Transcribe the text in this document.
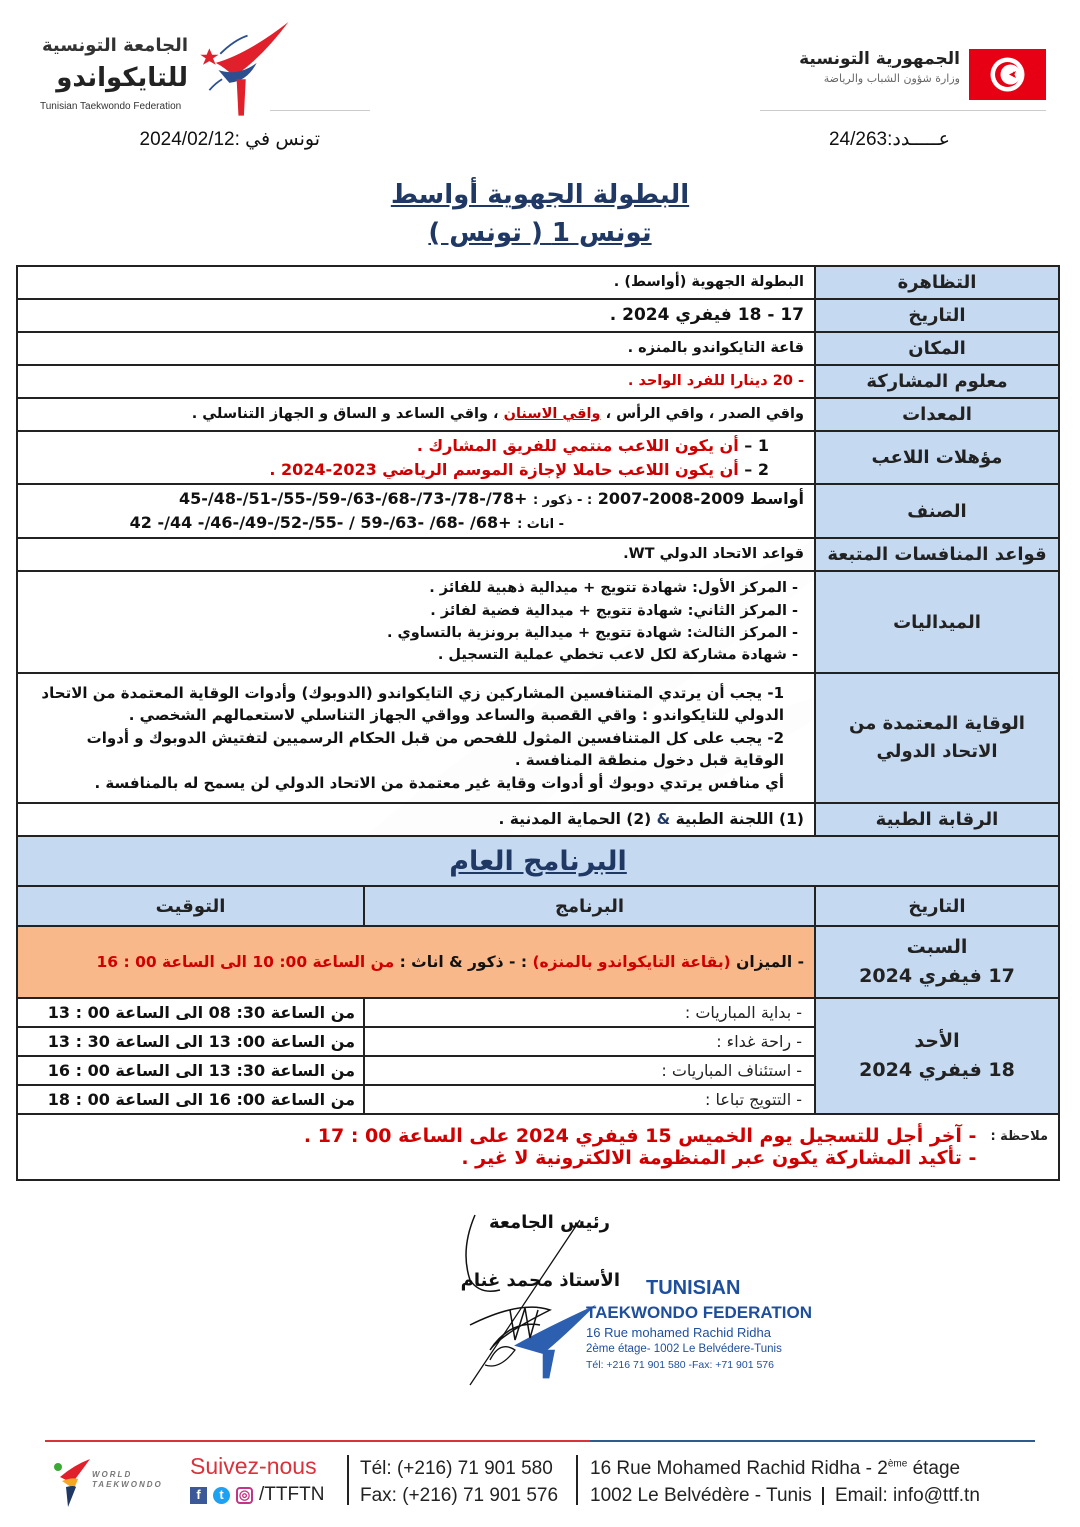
الجامعة التونسية
للتايكواندو
Tunisian Taekwondo Federation
الجمهورية التونسية
وزارة شؤون الشباب والرياضة
عـــــدد:24/263
تونس في :2024/02/12
البطولة الجهوية أواسط
تونس 1 ( تونس )
التظاهرة	البطولة الجهوية (أواسط) .
التاريخ	17 - 18 فيفري 2024 .
المكان	قاعة التايكواندو بالمنزه .
معلوم المشاركة	- 20 دينارا للفرد الواحد .
المعدات	واقي الصدر ، واقي الرأس ، واقي الاسنان ، واقي الساعد و الساق و الجهاز التناسلي .
مؤهلات اللاعب	1 – أن يكون اللاعب منتمي للفريق المشارك .
2 – أن يكون اللاعب حاملا لإجازة الموسم الرياضي 2023-2024 .

الصنف	أواسط 2009-2008-2007 : - ذكور : 45-/48-/51-/55-/59-/63-/68-/73-/78-/78+
- اناث : 42 -/44 -/46-/49-/52-/55- / 59-/63- /68- /68+

قواعد المنافسات المتبعة	قواعد الاتحاد الدولي WT.
الميداليات	- المركز الأول: شهادة تتويج + ميدالية ذهبية للفائز .
- المركز الثاني: شهادة تتويج + ميدالية فضية لفائز .
- المركز الثالث: شهادة تتويج + ميدالية برونزية بالتساوي .
- شهادة مشاركة لكل لاعب تخطي عملية التسجيل .

الوقاية المعتمدة من الاتحاد الدولي	1- يجب أن يرتدي المتنافسين المشاركين زي التايكواندو (الدوبوك) وأدوات الوقاية المعتمدة من الاتحاد الدولي للتايكواندو : واقي القصبة والساعد وواقي الجهاز التناسلي لاستعمالهم الشخصي .
2- يجب على كل المتنافسين المثول للفحص من قبل الحكام الرسميين لتفتيش الدوبوك و أدوات الوقاية قبل دخول منطقة المنافسة .
أي منافس يرتدي دوبوك أو أدوات وقاية غير معتمدة من الاتحاد الدولي لن يسمح له بالمنافسة .

الرقابة الطبية	(1) اللجنة الطبية & (2) الحماية المدنية .
البرنامج العام		
التاريخ	البرنامج	التوقيت

السبت
17 فيفري 2024	- الميزان (بقاعة التايكواندو بالمنزه) : - ذكور & اناث : من الساعة 00: 10 الى الساعة 00 : 16	

الأحد
18 فيفري 2024	- بداية المباريات :	من الساعة 30: 08 الى الساعة 00 : 13
	- راحة غداء :	من الساعة 00: 13 الى الساعة 30 : 13
	- استئناف المباريات :	من الساعة 30: 13 الى الساعة 00 : 16
	- التتويج تباعا :	من الساعة 00: 16 الى الساعة 00 : 18

ملاحظة :
- آخر أجل للتسجيل يوم الخميس 15 فيفري 2024 على الساعة 00 : 17 .
- تأكيد المشاركة يكون عبر المنظومة الالكترونية لا غير .		
رئيس الجامعة
الأستاذ محمد غنام	TUNISIAN
TAEKWONDO FEDERATION
16 Rue mohamed Rachid Ridha
2ème étage- 1002 Le Belvédere-Tunis
Tél: +216 71 901 580 -Fax: +71 901 576
WORLD
TAEKWONDO
Suivez-nous
f	t	◎ /TTFTN
Tél: (+216) 71 901 580
Fax: (+216) 71 901 576
16 Rue Mohamed Rachid Ridha - 2ème étage
1002 Le Belvédère - Tunis Email: info@ttf.tn
